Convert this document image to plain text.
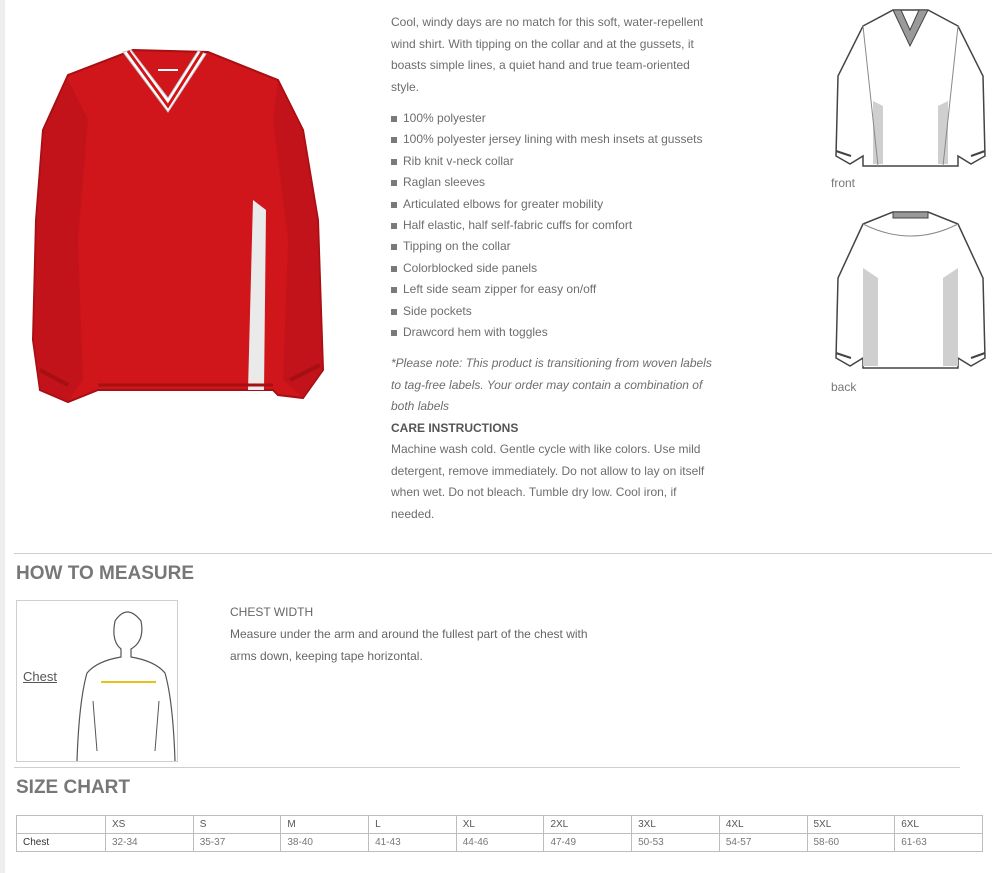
Cool, windy days are no match for this soft, water-repellent wind shirt. With tipping on the collar and at the gussets, it boasts simple lines, a quiet hand and true team-oriented style.

100% polyester
100% polyester jersey lining with mesh insets at gussets
Rib knit v-neck collar
Raglan sleeves
Articulated elbows for greater mobility
Half elastic, half self-fabric cuffs for comfort
Tipping on the collar
Colorblocked side panels
Left side seam zipper for easy on/off
Side pockets
Drawcord hem with toggles

*Please note: This product is transitioning from woven labels to tag-free labels. Your order may contain a combination of both labels

CARE INSTRUCTIONS

Machine wash cold. Gentle cycle with like colors. Use mild detergent, remove immediately. Do not allow to lay on itself when wet. Do not bleach. Tumble dry low. Cool iron, if needed.

front
back
HOW TO MEASURE
Chest
CHEST WIDTH
Measure under the arm and around the fullest part of the chest with arms down, keeping tape horizontal.
SIZE CHART
	XS	S	M	L	XL	2XL	3XL	4XL	5XL	6XL
Chest	32-34	35-37	38-40	41-43	44-46	47-49	50-53	54-57	58-60	61-63
